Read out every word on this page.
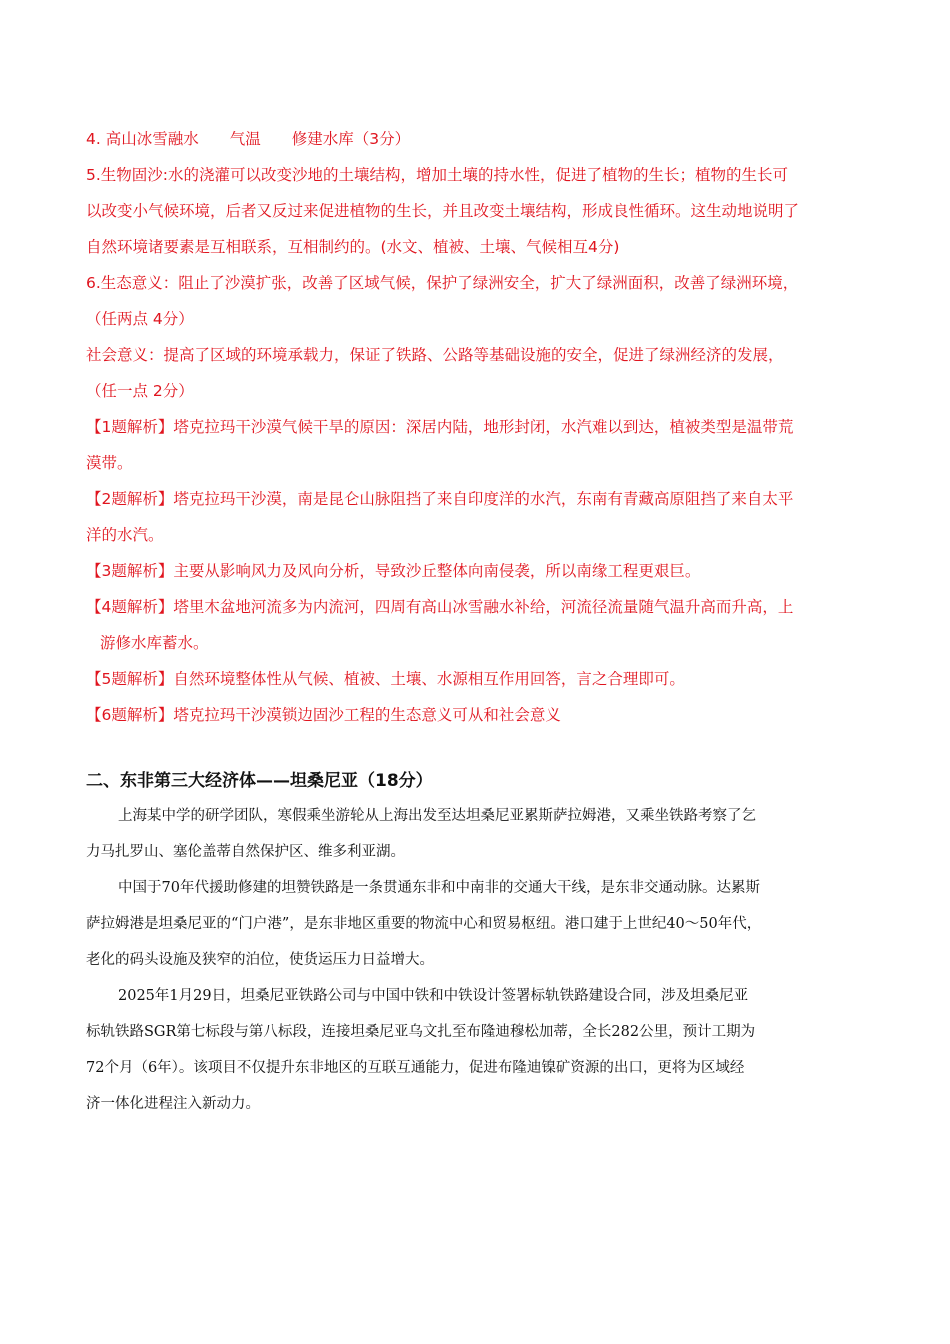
4. 高山冰雪融水　　气温　　修建水库（3分）
5.生物固沙:水的浇灌可以改变沙地的土壤结构，增加土壤的持水性，促进了植物的生长；植物的生长可
以改变小气候环境，后者又反过来促进植物的生长，并且改变土壤结构，形成良性循环。这生动地说明了
自然环境诸要素是互相联系，互相制约的。(水文、植被、土壤、气候相互4分)
6.生态意义：阻止了沙漠扩张，改善了区域气候，保护了绿洲安全，扩大了绿洲面积，改善了绿洲环境，
（任两点 4分）
社会意义：提高了区域的环境承载力，保证了铁路、公路等基础设施的安全，促进了绿洲经济的发展，
（任一点 2分）
【1题解析】塔克拉玛干沙漠气候干旱的原因：深居内陆，地形封闭，水汽难以到达，植被类型是温带荒
漠带。
【2题解析】塔克拉玛干沙漠，南是昆仑山脉阻挡了来自印度洋的水汽，东南有青藏高原阻挡了来自太平
洋的水汽。
【3题解析】主要从影响风力及风向分析，导致沙丘整体向南侵袭，所以南缘工程更艰巨。
【4题解析】塔里木盆地河流多为内流河，四周有高山冰雪融水补给，河流径流量随气温升高而升高，上
游修水库蓄水。
【5题解析】自然环境整体性从气候、植被、土壤、水源相互作用回答，言之合理即可。
【6题解析】塔克拉玛干沙漠锁边固沙工程的生态意义可从和社会意义
二、东非第三大经济体——坦桑尼亚（18分）
上海某中学的研学团队，寒假乘坐游轮从上海出发至达坦桑尼亚累斯萨拉姆港，又乘坐铁路考察了乞
力马扎罗山、塞伦盖蒂自然保护区、维多利亚湖。
中国于70年代援助修建的坦赞铁路是一条贯通东非和中南非的交通大干线，是东非交通动脉。达累斯
萨拉姆港是坦桑尼亚的“门户港”，是东非地区重要的物流中心和贸易枢纽。港口建于上世纪40～50年代，
老化的码头设施及狭窄的泊位，使货运压力日益增大。
2025年1月29日，坦桑尼亚铁路公司与中国中铁和中铁设计签署标轨铁路建设合同，涉及坦桑尼亚
标轨铁路SGR第七标段与第八标段，连接坦桑尼亚乌文扎至布隆迪穆松加蒂，全长282公里，预计工期为
72个月（6年）。该项目不仅提升东非地区的互联互通能力，促进布隆迪镍矿资源的出口，更将为区域经
济一体化进程注入新动力。
